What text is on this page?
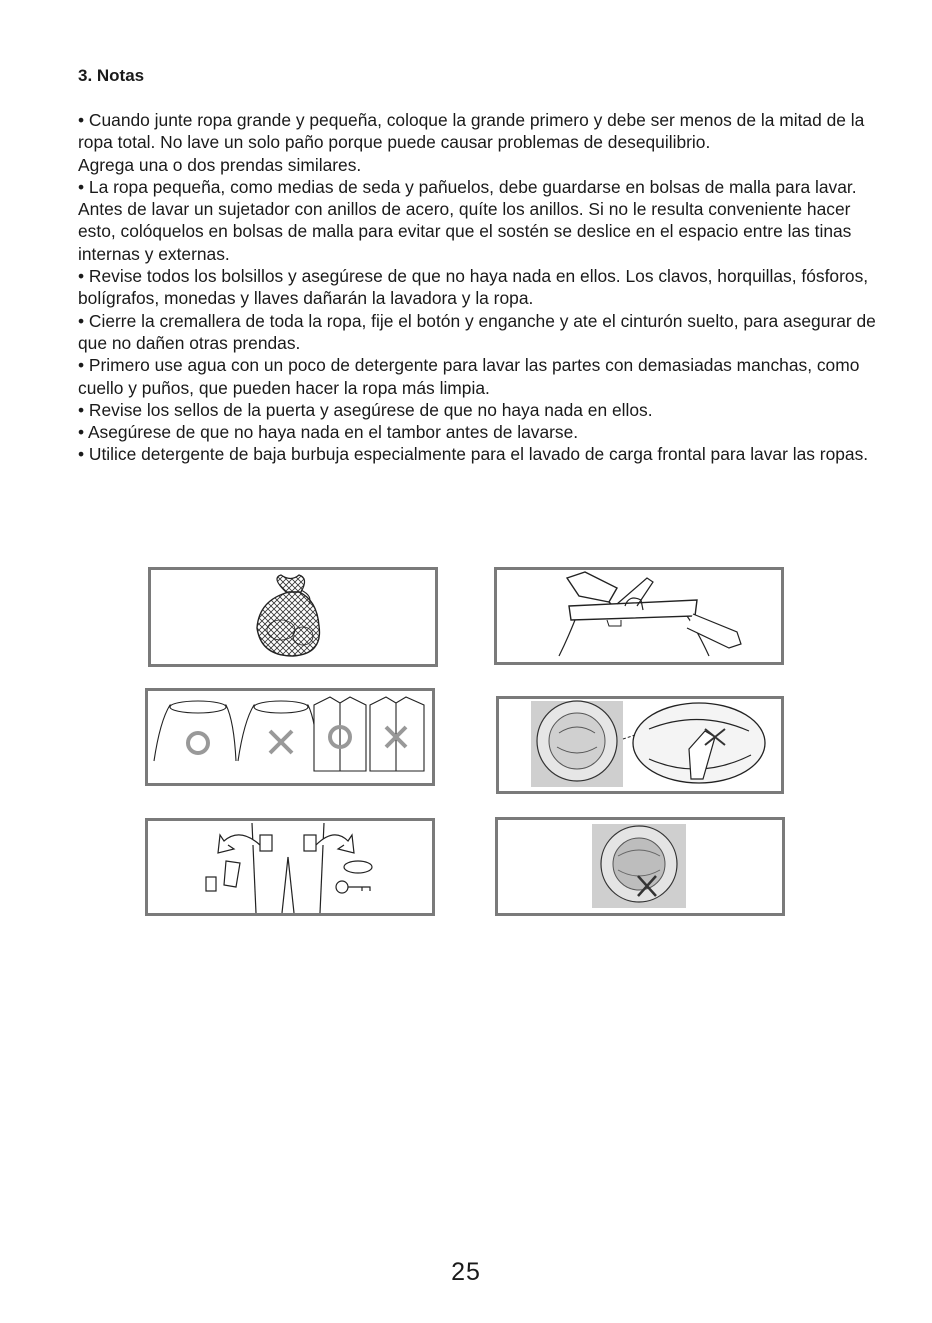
3. Notas

• Cuando junte ropa grande y pequeña, coloque la grande primero y debe ser menos de la mitad de la ropa total. No lave un solo paño porque puede causar problemas de desequilibrio.

Agrega una o dos prendas similares.

• La ropa pequeña, como medias de seda y pañuelos, debe guardarse en bolsas de malla para lavar. Antes de lavar un sujetador con anillos de acero, quíte los anillos. Si no le resulta conveniente hacer esto, colóquelos en bolsas de malla para evitar que el sostén se deslice en el espacio entre las tinas internas y externas.

• Revise todos los bolsillos y asegúrese de que no haya nada en ellos. Los clavos, horquillas, fósforos, bolígrafos, monedas y llaves dañarán la lavadora y la ropa.

• Cierre la cremallera de toda la ropa, fije el botón y enganche y ate el cinturón suelto, para asegurar de que no dañen otras prendas.

• Primero use agua con un poco de detergente para lavar las partes con demasiadas manchas, como cuello y puños, que pueden hacer la ropa más limpia.

• Revise los sellos de la puerta y asegúrese de que no haya nada en ellos.

• Asegúrese de que no haya nada en el tambor antes de lavarse.

• Utilice detergente de baja burbuja especialmente para el lavado de carga frontal para lavar las ropas.

25
